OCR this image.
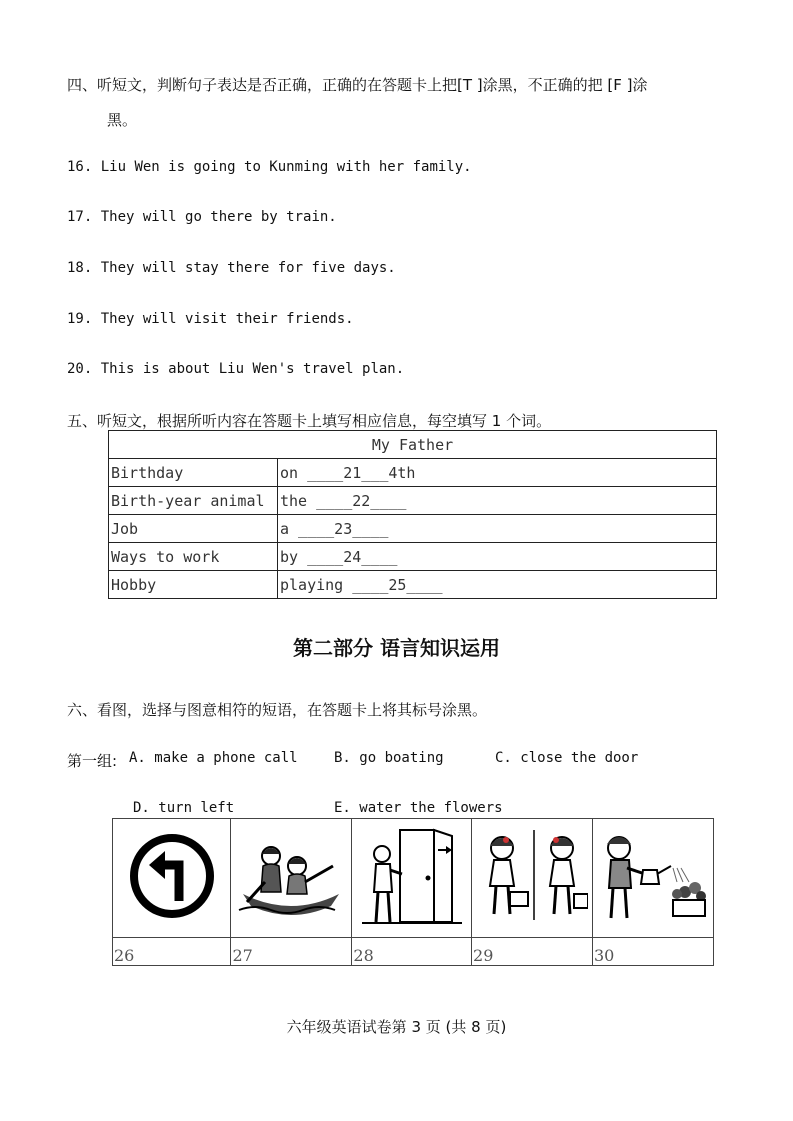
四、听短文，判断句子表达是否正确，正确的在答题卡上把[T ]涂黑，不正确的把 [F ]涂
黑。
16. Liu Wen is going to Kunming with her family.
17. They will go there by train.
18. They will stay there for five days.
19. They will visit their friends.
20. This is about Liu Wen's travel plan.
五、听短文，根据所听内容在答题卡上填写相应信息，每空填写 1 个词。
My Father	
Birthday	on ____21___4th
Birth-year animal	the ____22____
Job	a ____23____
Ways to work	by ____24____
Hobby	playing ____25____
第二部分 语言知识运用
六、看图，选择与图意相符的短语，在答题卡上将其标号涂黑。
第一组: A. make a phone call	B. go boating	C. close the door
D. turn left	E. water the flowers

26	27	28	29	30
六年级英语试卷第 3 页 (共 8 页)
